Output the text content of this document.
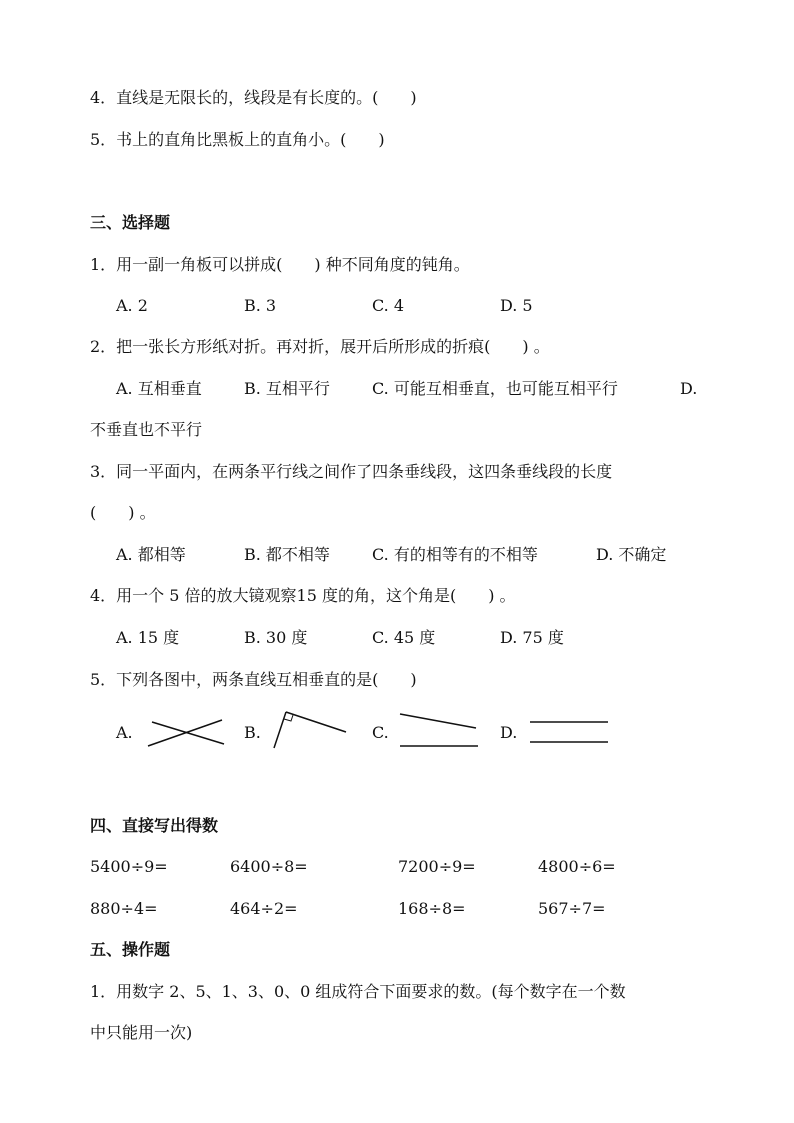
4．直线是无限长的，线段是有长度的。(　　)
5．书上的直角比黑板上的直角小。(　　)
三、选择题
1．用一副一角板可以拼成(　　) 种不同角度的钝角。
A. 2	B. 3	C. 4	D. 5
2．把一张长方形纸对折。再对折，展开后所形成的折痕(　　) 。
A. 互相垂直	B. 互相平行	C. 可能互相垂直，也可能互相平行	D.
不垂直也不平行
3．同一平面内，在两条平行线之间作了四条垂线段，这四条垂线段的长度
(　　) 。
A. 都相等	B. 都不相等	C. 有的相等有的不相等	D. 不确定
4．用一个 5 倍的放大镜观察15 度的角，这个角是(　　) 。
A. 15 度	B. 30 度	C. 45 度	D. 75 度
5．下列各图中，两条直线互相垂直的是(　　)
A.	B.	C.	D.
四、直接写出得数
5400÷9=	6400÷8=	7200÷9=	4800÷6=
880÷4=	464÷2=	168÷8=	567÷7=
五、操作题
1．用数字 2、5、1、3、0、0 组成符合下面要求的数。(每个数字在一个数
中只能用一次)
